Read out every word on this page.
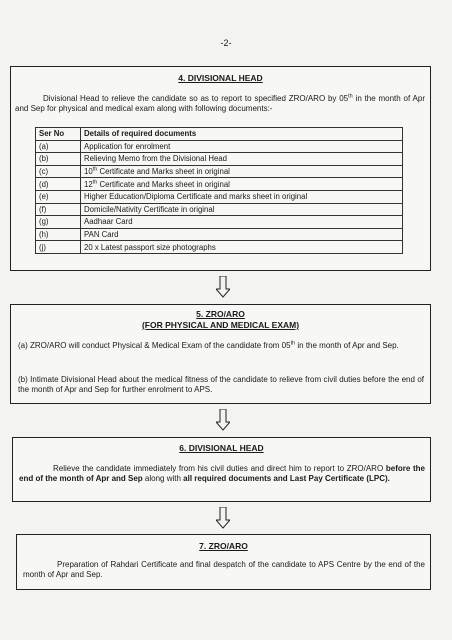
-2-
4. DIVISIONAL HEAD

Divisional Head to relieve the candidate so as to report to specified ZRO/ARO by 05th in the month of Apr and Sep for physical and medical exam along with following documents:-

Ser No	Details of required documents
(a)	Application for enrolment
(b)	Relieving Memo from the Divisional Head
(c)	10th Certificate and Marks sheet in original
(d)	12th Certificate and Marks sheet in original
(e)	Higher Education/Diploma Certificate and marks sheet in original
(f)	Domicile/Nativity Certificate in original
(g)	Aadhaar Card
(h)	PAN Card
(j)	20 x Latest passport size photographs
5. ZRO/ARO
(FOR PHYSICAL AND MEDICAL EXAM)

(a) ZRO/ARO will conduct Physical & Medical Exam of the candidate from 05th in the month of Apr and Sep.

(b) Intimate Divisional Head about the medical fitness of the candidate to relieve from civil duties before the end of the month of Apr and Sep for further enrolment to APS.

6. DIVISIONAL HEAD

Relieve the candidate immediately from his civil duties and direct him to report to ZRO/ARO before the end of the month of Apr and Sep along with all required documents and Last Pay Certificate (LPC).

7. ZRO/ARO

Preparation of Rahdari Certificate and final despatch of the candidate to APS Centre by the end of the month of Apr and Sep.
